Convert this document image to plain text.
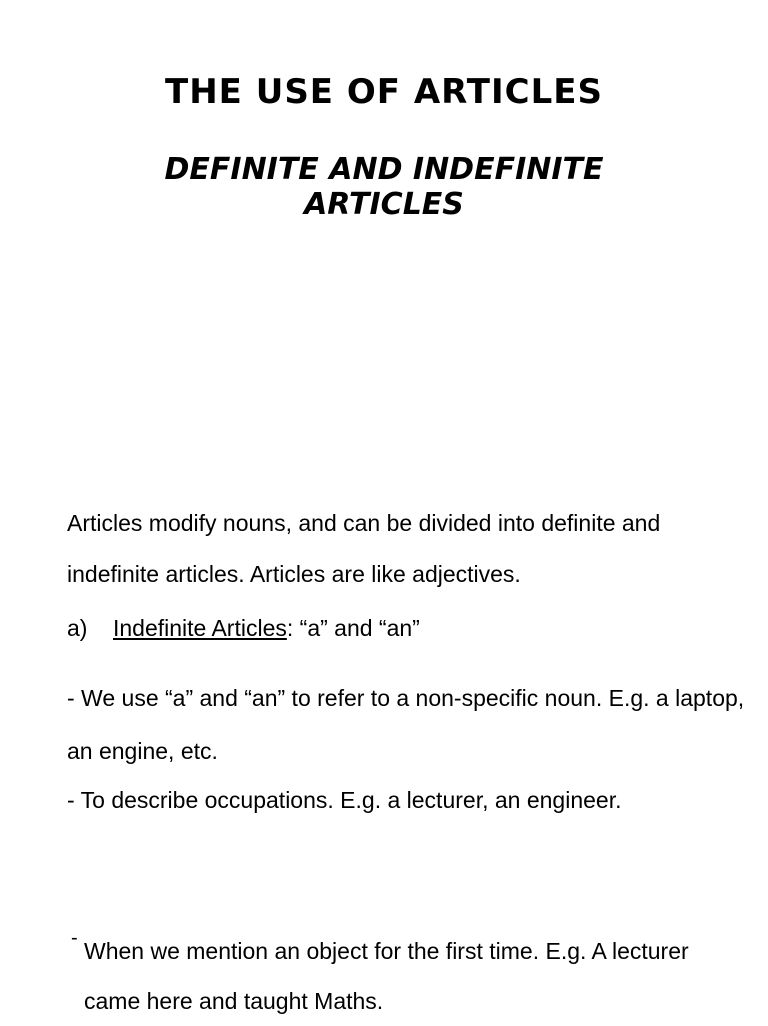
THE USE OF ARTICLES
DEFINITE AND INDEFINITE ARTICLES

Articles modify nouns, and can be divided into definite and indefinite articles. Articles are like adjectives.

a) Indefinite Articles: “a” and “an”

- We use “a” and “an” to refer to a non-specific noun. E.g. a laptop, an engine, etc.

- To describe occupations. E.g. a lecturer, an engineer.

- When we mention an object for the first time. E.g. A lecturer came here and taught Maths.
